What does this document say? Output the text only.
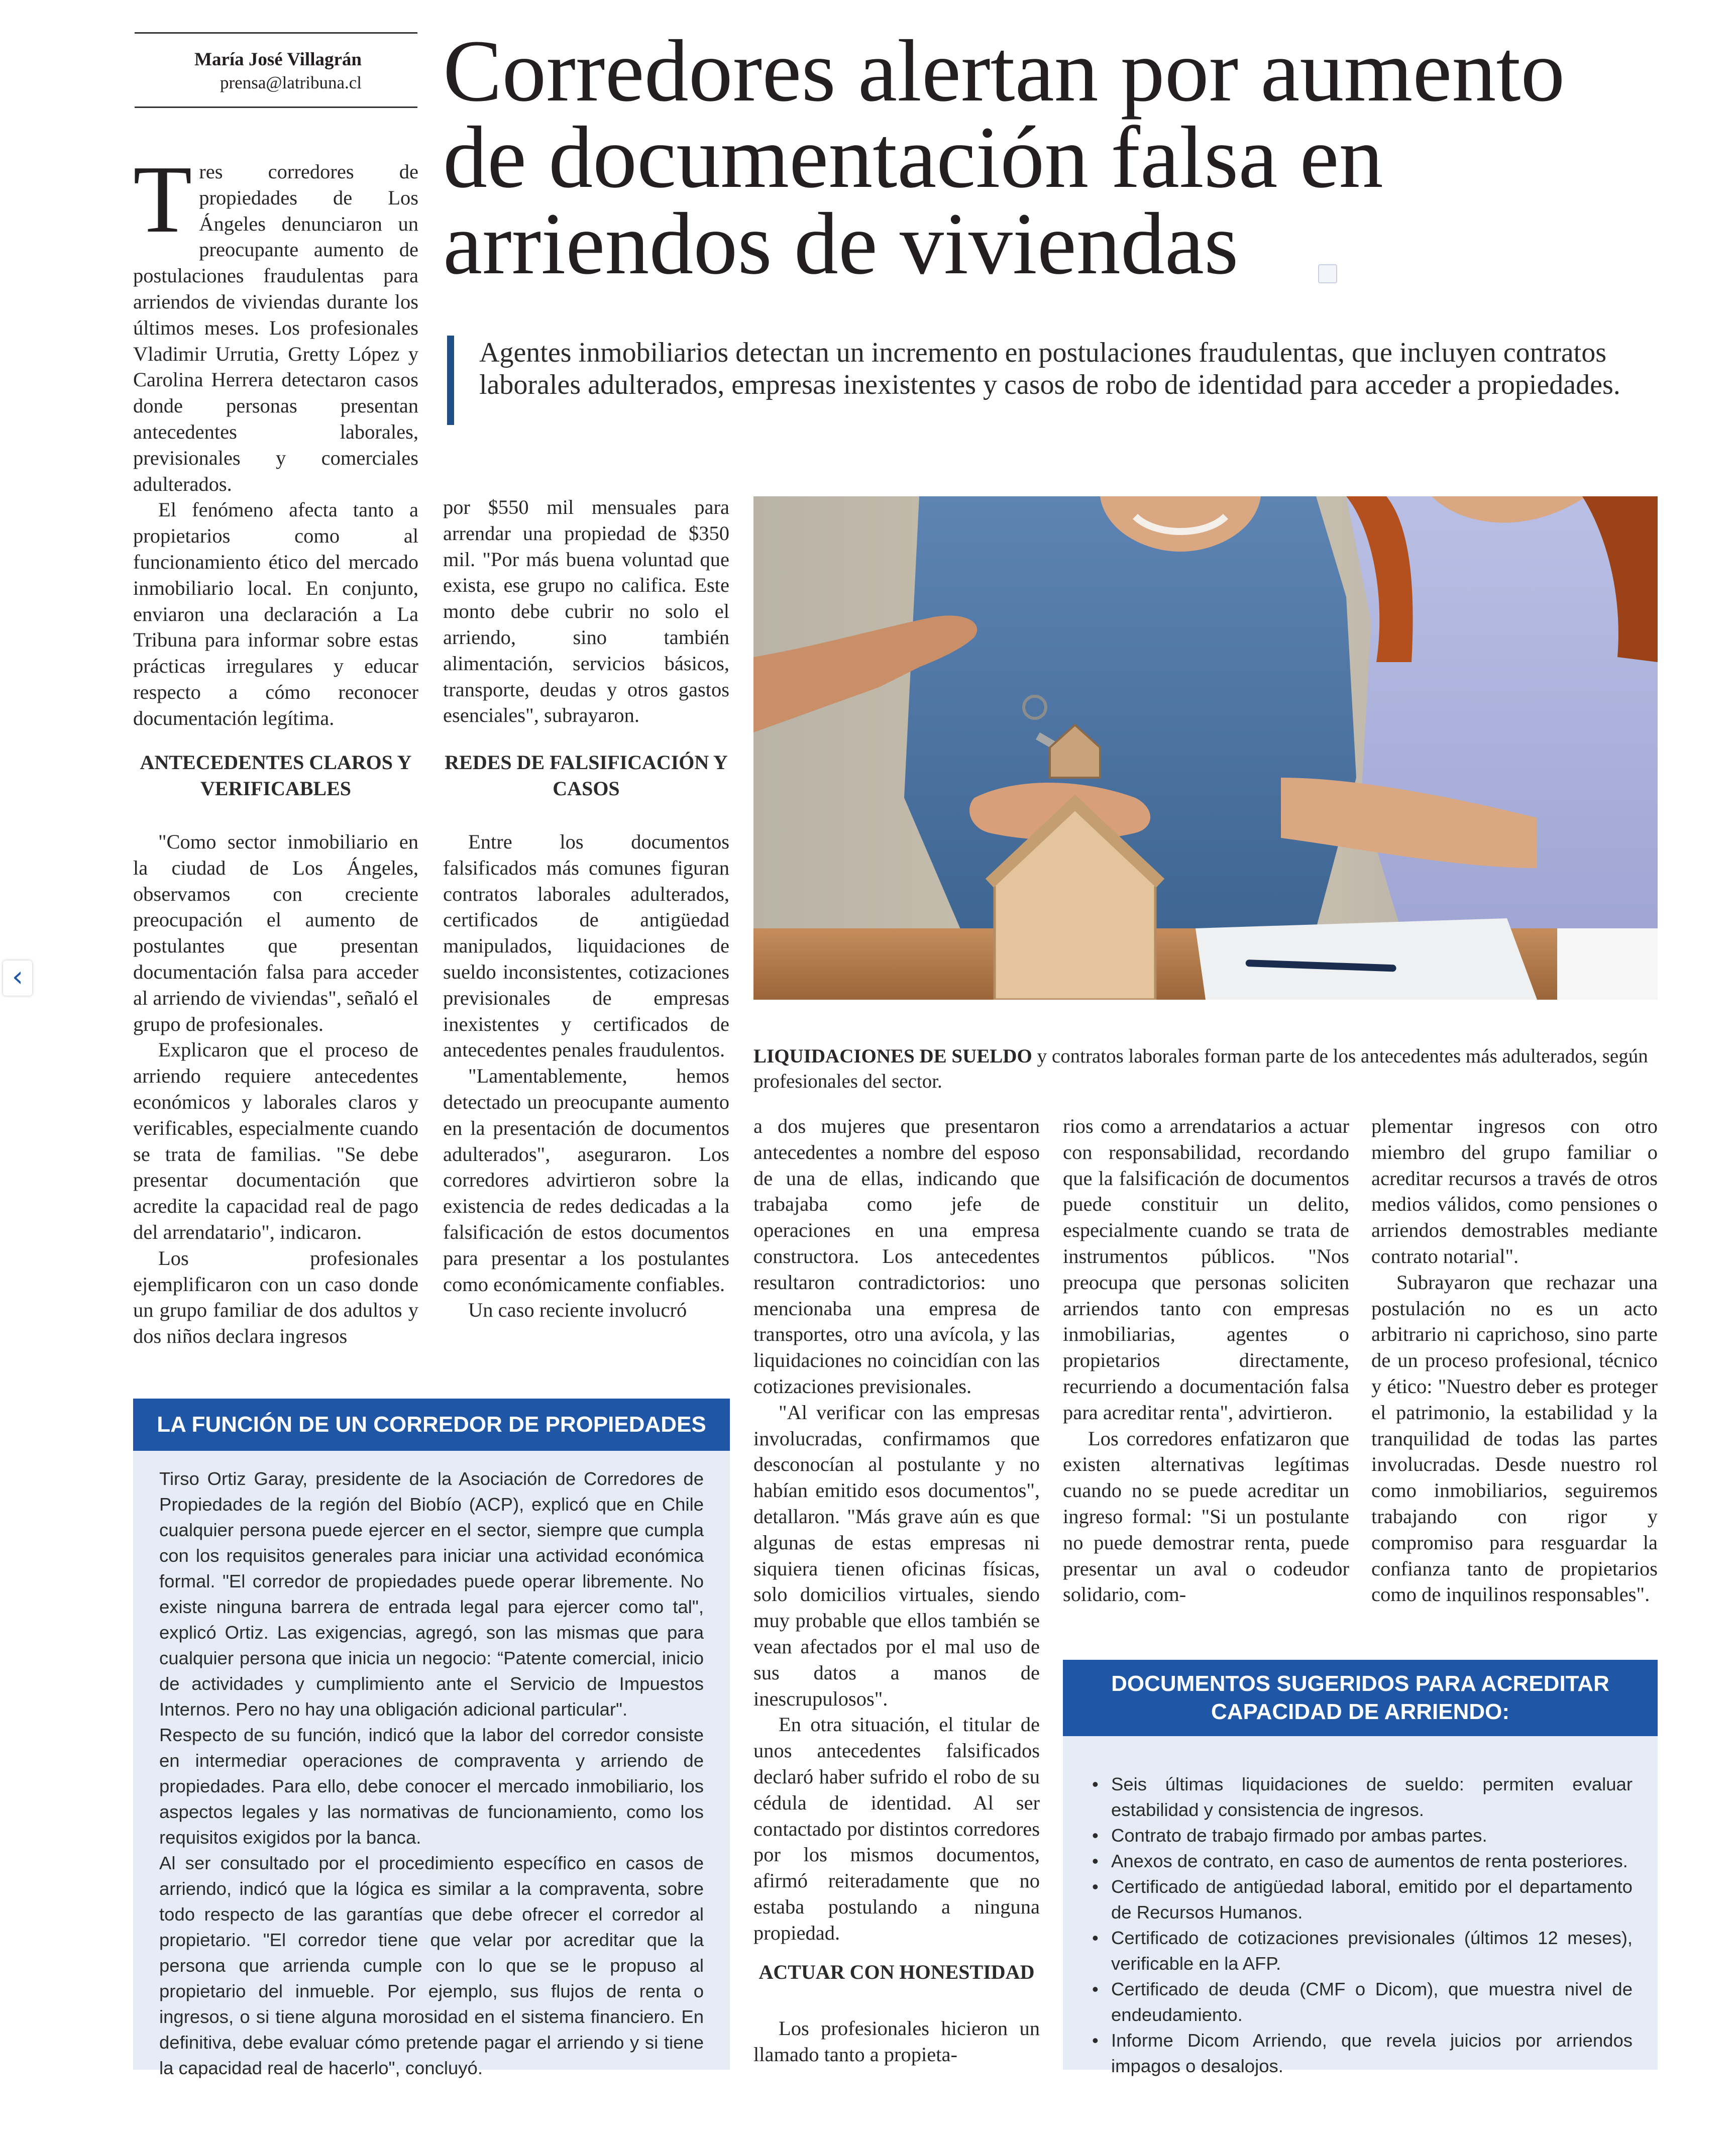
‹
María José Villagrán
prensa@latribuna.cl Corredores alertan por aumento
de documentación falsa en
arriendos de viviendas
Agentes inmobiliarios detectan un incremento en postulaciones fraudulentas, que incluyen contratos laborales adulterados, empresas inexistentes y casos de robo de identidad para acceder a propiedades.

Tres corredores de propiedades de Los Ángeles denunciaron un preocupante aumento de postulaciones fraudulentas para arriendos de viviendas durante los últimos meses. Los profesionales Vladimir Urrutia, Gretty López y Carolina Herrera detectaron casos donde personas presentan antecedentes laborales, previsionales y comerciales adulterados.

El fenómeno afecta tanto a propietarios como al funcionamiento ético del mercado inmobiliario local. En conjunto, enviaron una declaración a La Tribuna para informar sobre estas prácticas irregulares y educar respecto a cómo reconocer documentación legítima.

ANTECEDENTES CLAROS Y VERIFICABLES

"Como sector inmobiliario en la ciudad de Los Ángeles, observamos con creciente preocupación el aumento de postulantes que presentan documentación falsa para acceder al arriendo de viviendas", señaló el grupo de profesionales.

Explicaron que el proceso de arriendo requiere antecedentes económicos y laborales claros y verificables, especialmente cuando se trata de familias. "Se debe presentar documentación que acredite la capacidad real de pago del arrendatario", indicaron.

Los profesionales ejemplificaron con un caso donde un grupo familiar de dos adultos y dos niños declara ingresos

por $550 mil mensuales para arrendar una propiedad de $350 mil. "Por más buena voluntad que exista, ese grupo no califica. Este monto debe cubrir no solo el arriendo, sino también alimentación, servicios básicos, transporte, deudas y otros gastos esenciales", subrayaron.

REDES DE FALSIFICACIÓN Y CASOS

Entre los documentos falsificados más comunes figuran contratos laborales adulterados, certificados de antigüedad manipulados, liquidaciones de sueldo inconsistentes, cotizaciones previsionales de empresas inexistentes y certificados de antecedentes penales fraudulentos.

"Lamentablemente, hemos detectado un preocupante aumento en la presentación de documentos adulterados", aseguraron. Los corredores advirtieron sobre la existencia de redes dedicadas a la falsificación de estos documentos para presentar a los postulantes como económicamente confiables.

Un caso reciente involucró

LIQUIDACIONES DE SUELDO y contratos laborales forman parte de los antecedentes más adulterados, según profesionales del sector.

a dos mujeres que presentaron antecedentes a nombre del esposo de una de ellas, indicando que trabajaba como jefe de operaciones en una empresa constructora. Los antecedentes resultaron contradictorios: uno mencionaba una empresa de transportes, otro una avícola, y las liquidaciones no coincidían con las cotizaciones previsionales.

"Al verificar con las empresas involucradas, confirmamos que desconocían al postulante y no habían emitido esos documentos", detallaron. "Más grave aún es que algunas de estas empresas ni siquiera tienen oficinas físicas, solo domicilios virtuales, siendo muy probable que ellos también se vean afectados por el mal uso de sus datos a manos de inescrupulosos".

En otra situación, el titular de unos antecedentes falsificados declaró haber sufrido el robo de su cédula de identidad. Al ser contactado por distintos corredores por los mismos documentos, afirmó reiteradamente que no estaba postulando a ninguna propiedad.

ACTUAR CON HONESTIDAD

Los profesionales hicieron un llamado tanto a propieta-

rios como a arrendatarios a actuar con responsabilidad, recordando que la falsificación de documentos puede constituir un delito, especialmente cuando se trata de instrumentos públicos. "Nos preocupa que personas soliciten arriendos tanto con empresas inmobiliarias, agentes o propietarios directamente, recurriendo a documentación falsa para acreditar renta", advirtieron.

Los corredores enfatizaron que existen alternativas legítimas cuando no se puede acreditar un ingreso formal: "Si un postulante no puede demostrar renta, puede presentar un aval o codeudor solidario, com-

plementar ingresos con otro miembro del grupo familiar o acreditar recursos a través de otros medios válidos, como pensiones o arriendos demostrables mediante contrato notarial".

Subrayaron que rechazar una postulación no es un acto arbitrario ni caprichoso, sino parte de un proceso profesional, técnico y ético: "Nuestro deber es proteger el patrimonio, la estabilidad y la tranquilidad de todas las partes involucradas. Desde nuestro rol como inmobiliarios, seguiremos trabajando con rigor y compromiso para resguardar la confianza tanto de propietarios como de inquilinos responsables".

LA FUNCIÓN DE UN CORREDOR DE PROPIEDADES

Tirso Ortiz Garay, presidente de la Asociación de Corredores de Propiedades de la región del Biobío (ACP), explicó que en Chile cualquier persona puede ejercer en el sector, siempre que cumpla con los requisitos generales para iniciar una actividad económica formal. "El corredor de propiedades puede operar libremente. No existe ninguna barrera de entrada legal para ejercer como tal", explicó Ortiz. Las exigencias, agregó, son las mismas que para cualquier persona que inicia un negocio: “Patente comercial, inicio de actividades y cumplimiento ante el Servicio de Impuestos Internos. Pero no hay una obligación adicional particular".

Respecto de su función, indicó que la labor del corredor consiste en intermediar operaciones de compraventa y arriendo de propiedades. Para ello, debe conocer el mercado inmobiliario, los aspectos legales y las normativas de funcionamiento, como los requisitos exigidos por la banca.

Al ser consultado por el procedimiento específico en casos de arriendo, indicó que la lógica es similar a la compraventa, sobre todo respecto de las garantías que debe ofrecer el corredor al propietario. "El corredor tiene que velar por acreditar que la persona que arrienda cumple con lo que se le propuso al propietario del inmueble. Por ejemplo, sus flujos de renta o ingresos, o si tiene alguna morosidad en el sistema financiero. En definitiva, debe evaluar cómo pretende pagar el arriendo y si tiene la capacidad real de hacerlo", concluyó.

DOCUMENTOS SUGERIDOS PARA ACREDITAR
CAPACIDAD DE ARRIENDO:
• Seis últimas liquidaciones de sueldo: permiten evaluar estabilidad y consistencia de ingresos.
• Contrato de trabajo firmado por ambas partes.
• Anexos de contrato, en caso de aumentos de renta posteriores.
• Certificado de antigüedad laboral, emitido por el departamento de Recursos Humanos.
• Certificado de cotizaciones previsionales (últimos 12 meses), verificable en la AFP.
• Certificado de deuda (CMF o Dicom), que muestra nivel de endeudamiento.
• Informe Dicom Arriendo, que revela juicios por arriendos impagos o desalojos.
